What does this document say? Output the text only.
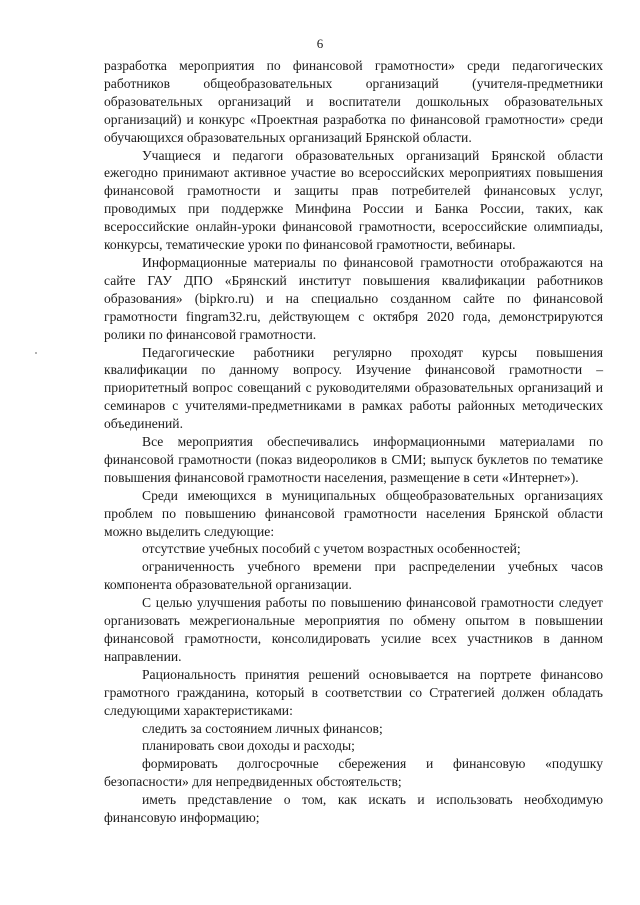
6

разработка мероприятия по финансовой грамотности» среди педагогических работников общеобразовательных организаций (учителя-предметники образовательных организаций и воспитатели дошкольных образовательных организаций) и конкурс «Проектная разработка по финансовой грамотности» среди обучающихся образовательных организаций Брянской области.

Учащиеся и педагоги образовательных организаций Брянской области ежегодно принимают активное участие во всероссийских мероприятиях повышения финансовой грамотности и защиты прав потребителей финансовых услуг, проводимых при поддержке Минфина России и Банка России, таких, как всероссийские онлайн-уроки финансовой грамотности, всероссийские олимпиады, конкурсы, тематические уроки по финансовой грамотности, вебинары.

Информационные материалы по финансовой грамотности отображаются на сайте ГАУ ДПО «Брянский институт повышения квалификации работников образования» (bipkro.ru) и на специально созданном сайте по финансовой грамотности fingram32.ru, действующем с октября 2020 года, демонстрируются ролики по финансовой грамотности.

Педагогические работники регулярно проходят курсы повышения квалификации по данному вопросу. Изучение финансовой грамотности – приоритетный вопрос совещаний с руководителями образовательных организаций и семинаров с учителями-предметниками в рамках работы районных методических объединений.

Все мероприятия обеспечивались информационными материалами по финансовой грамотности (показ видеороликов в СМИ; выпуск буклетов по тематике повышения финансовой грамотности населения, размещение в сети «Интернет»).

Среди имеющихся в муниципальных общеобразовательных организациях проблем по повышению финансовой грамотности населения Брянской области можно выделить следующие:

отсутствие учебных пособий с учетом возрастных особенностей;

ограниченность учебного времени при распределении учебных часов компонента образовательной организации.

С целью улучшения работы по повышению финансовой грамотности следует организовать межрегиональные мероприятия по обмену опытом в повышении финансовой грамотности, консолидировать усилие всех участников в данном направлении.

Рациональность принятия решений основывается на портрете финансово грамотного гражданина, который в соответствии со Стратегией должен обладать следующими характеристиками:

следить за состоянием личных финансов;

планировать свои доходы и расходы;

формировать долгосрочные сбережения и финансовую «подушку безопасности» для непредвиденных обстоятельств;

иметь представление о том, как искать и использовать необходимую финансовую информацию;
